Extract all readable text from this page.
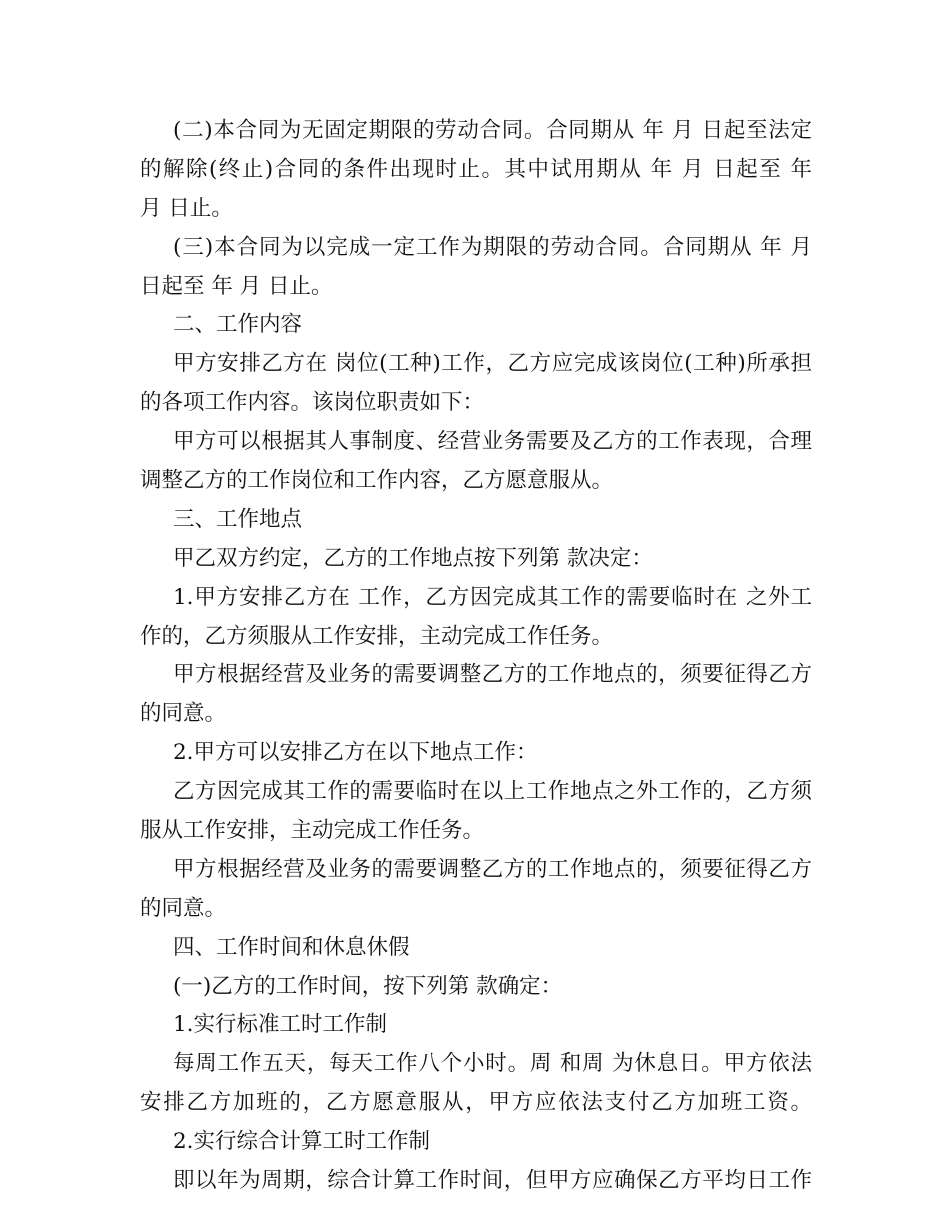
(二)本合同为无固定期限的劳动合同。合同期从 年 月 日起至法定
的解除(终止)合同的条件出现时止。其中试用期从 年 月 日起至 年
月 日止。
(三)本合同为以完成一定工作为期限的劳动合同。合同期从 年 月
日起至 年 月 日止。
二、工作内容
甲方安排乙方在 岗位(工种)工作，乙方应完成该岗位(工种)所承担
的各项工作内容。该岗位职责如下：
甲方可以根据其人事制度、经营业务需要及乙方的工作表现，合理
调整乙方的工作岗位和工作内容，乙方愿意服从。
三、工作地点
甲乙双方约定，乙方的工作地点按下列第 款决定：
1.甲方安排乙方在 工作，乙方因完成其工作的需要临时在 之外工
作的，乙方须服从工作安排，主动完成工作任务。
甲方根据经营及业务的需要调整乙方的工作地点的，须要征得乙方
的同意。
2.甲方可以安排乙方在以下地点工作：
乙方因完成其工作的需要临时在以上工作地点之外工作的，乙方须
服从工作安排，主动完成工作任务。
甲方根据经营及业务的需要调整乙方的工作地点的，须要征得乙方
的同意。
四、工作时间和休息休假
(一)乙方的工作时间，按下列第 款确定：
1.实行标准工时工作制
每周工作五天，每天工作八个小时。周 和周 为休息日。甲方依法
安排乙方加班的，乙方愿意服从，甲方应依法支付乙方加班工资。
2.实行综合计算工时工作制
即以年为周期，综合计算工作时间，但甲方应确保乙方平均日工作
